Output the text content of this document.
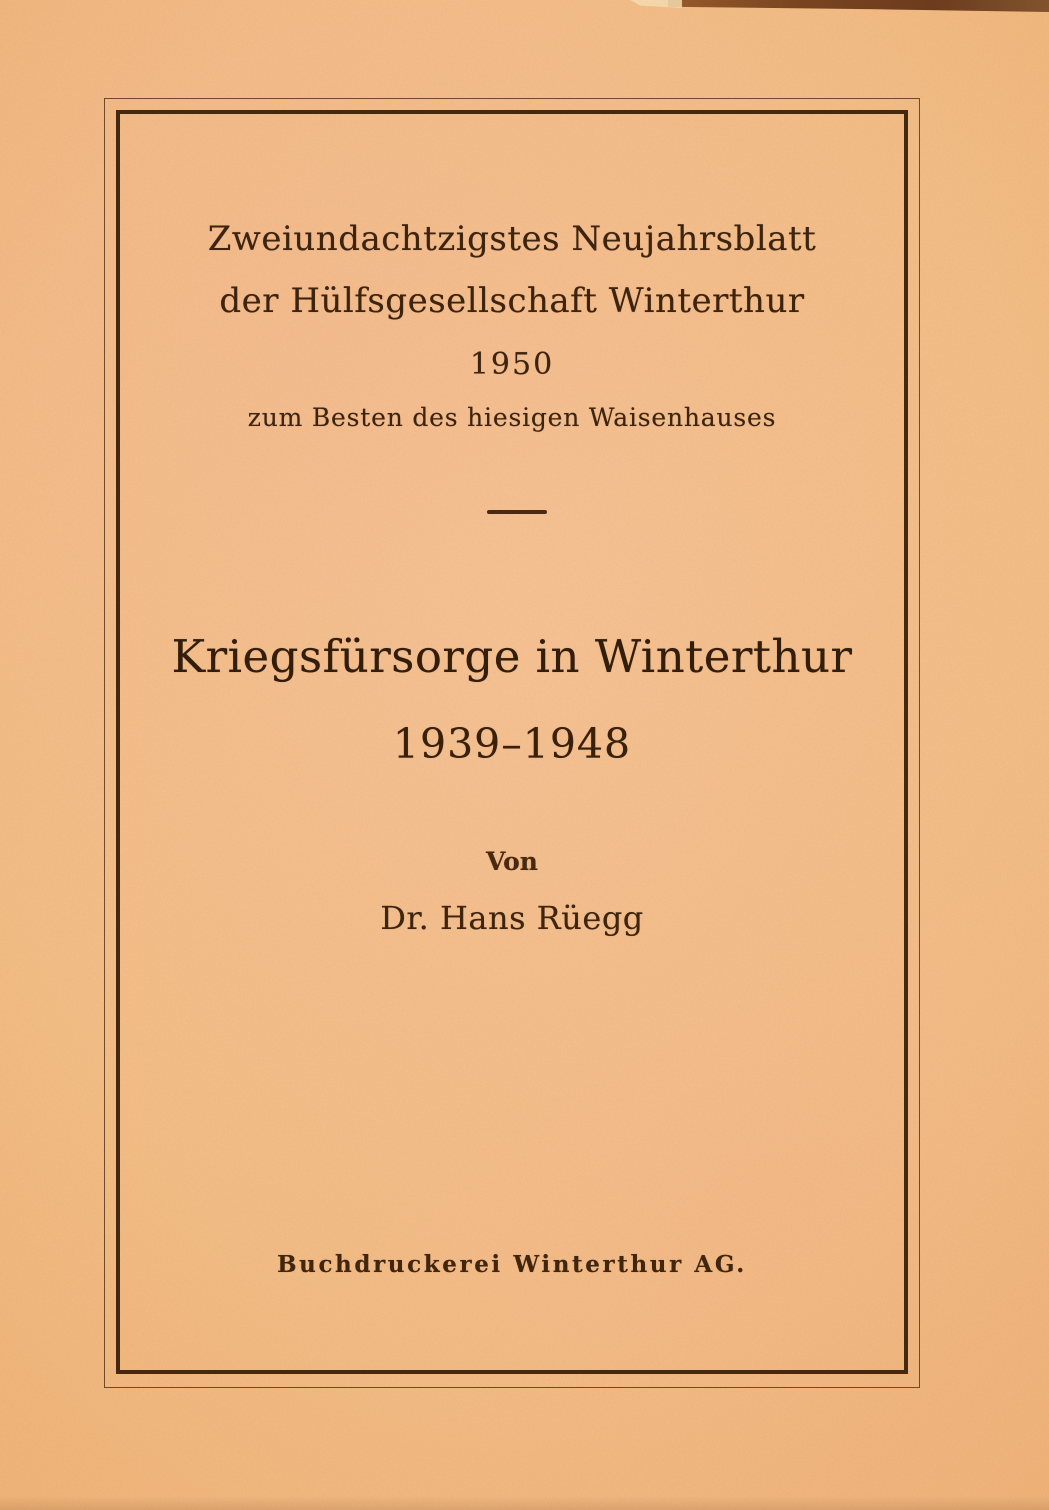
Zweiundachtzigstes Neujahrsblatt
der Hülfsgesellschaft Winterthur
1950
zum Besten des hiesigen Waisenhauses
Kriegsfürsorge in Winterthur
1939–1948
Von
Dr. Hans Rüegg
Buchdruckerei Winterthur AG.
